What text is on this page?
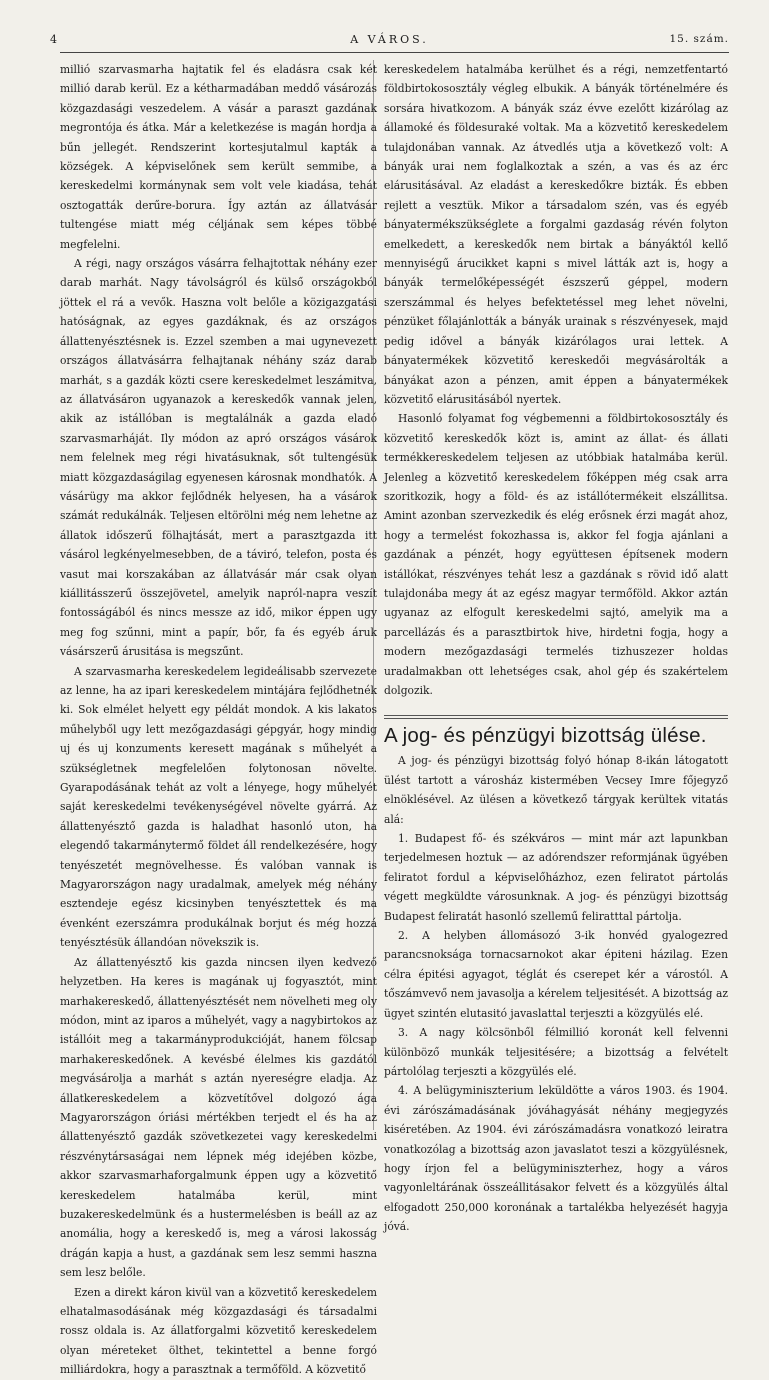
4	A VÁROS.	15. szám.

millió szarvasmarha hajtatik fel és eladásra csak két millió darab kerül. Ez a kétharmadában meddő vásározás közgazdasági veszedelem. A vásár a paraszt gazdának megrontója és átka. Már a keletkezése is magán hordja a bűn jellegét. Rendszerint kortesjutalmul kapták a községek. A képviselőnek sem került semmibe, a kereskedelmi kormánynak sem volt vele kiadása, tehát osztogatták derűre-borura. Így aztán az állatvásár tultengése miatt még céljának sem képes többé megfelelni.

A régi, nagy országos vásárra felhajtottak néhány ezer darab marhát. Nagy távolságról és külső országokból jöttek el rá a vevők. Haszna volt belőle a közigazgatási hatóságnak, az egyes gazdáknak, és az országos állattenyésztésnek is. Ezzel szemben a mai ugynevezett országos állatvásárra felhajtanak néhány száz darab marhát, s a gazdák közti csere kereskedelmet leszámitva, az állatvásáron ugyanazok a kereskedők vannak jelen, akik az istállóban is megtalálnák a gazda eladó szarvasmarháját. Ily módon az apró országos vásárok nem felelnek meg régi hivatásuknak, sőt tultengésük miatt közgazdaságilag egyenesen károsnak mondhatók. A vásárügy ma akkor fejlődnék helyesen, ha a vásárok számát redukálnák. Teljesen eltörölni még nem lehetne az állatok időszerű fölhajtását, mert a parasztgazda itt vásárol legkényelmesebben, de a táviró, telefon, posta és vasut mai korszakában az állatvásár már csak olyan kiállitásszerű összejövetel, amelyik napról-napra veszít fontosságából és nincs messze az idő, mikor éppen ugy meg fog szűnni, mint a papír, bőr, fa és egyéb áruk vásárszerű árusitása is megszűnt.

A szarvasmarha kereskedelem legideálisabb szervezete az lenne, ha az ipari kereskedelem mintájára fejlődhetnék ki. Sok elmélet helyett egy példát mondok. A kis lakatos műhelyből ugy lett mezőgazdasági gépgyár, hogy mindig uj és uj konzuments keresett magának s műhelyét a szükségletnek megfelelően folytonosan növelte. Gyarapodásának tehát az volt a lényege, hogy műhelyét saját kereskedelmi tevékenységével növelte gyárrá. Az állattenyésztő gazda is haladhat hasonló uton, ha elegendő takarmánytermő földet áll rendelkezésére, hogy tenyészetét megnövelhesse. És valóban vannak is Magyarországon nagy uradalmak, amelyek még néhány esztendeje egész kicsinyben tenyésztettek és ma évenként ezerszámra produkálnak borjut és még hozzá tenyésztésük állandóan növekszik is.

Az állattenyésztő kis gazda nincsen ilyen kedvező helyzetben. Ha keres is magának uj fogyasztót, mint marhakereskedő, állattenyésztését nem növelheti meg oly módon, mint az iparos a műhelyét, vagy a nagybirtokos az istállóit meg a takarmányprodukcióját, hanem fölcsap marhakereskedőnek. A kevésbé élelmes kis gazdától megvásárolja a marhát s aztán nyereségre eladja. Az állatkereskedelem a közvetítővel dolgozó ága Magyarországon óriási mértékben terjedt el és ha az állattenyésztő gazdák szövetkezetei vagy kereskedelmi részvénytársaságai nem lépnek még idejében közbe, akkor szarvasmarhaforgalmunk éppen ugy a közvetitő kereskedelem hatalmába kerül, mint buzakereskedelmünk és a hustermelésben is beáll az az anomália, hogy a kereskedő is, meg a városi lakosság drágán kapja a hust, a gazdának sem lesz semmi haszna sem lesz belőle.

Ezen a direkt káron kivül van a közvetitő kereskedelem elhatalmasodásának még közgazdasági és társadalmi rossz oldala is. Az állatforgalmi közvetitő kereskedelem olyan méreteket ölthet, tekintettel a benne forgó milliárdokra, hogy a parasztnak a termőföld. A közvetitő

kereskedelem hatalmába kerülhet és a régi, nemzetfentartó földbirtokososztály végleg elbukik. A bányák történelmére és sorsára hivatkozom. A bányák száz évve ezelőtt kizárólag az államoké és földesuraké voltak. Ma a közvetitő kereskedelem tulajdonában vannak. Az átvedlés utja a következő volt: A bányák urai nem foglalkoztak a szén, a vas és az érc elárusitásával. Az eladást a kereskedőkre bizták. És ebben rejlett a vesztük. Mikor a társadalom szén, vas és egyéb bányatermékszükséglete a forgalmi gazdaság révén folyton emelkedett, a kereskedők nem birtak a bányáktól kellő mennyiségű árucikket kapni s mivel látták azt is, hogy a bányák termelőképességét észszerű géppel, modern szerszámmal és helyes befektetéssel meg lehet növelni, pénzüket főlajánlották a bányák urainak s részvényesek, majd pedig idővel a bányák kizárólagos urai lettek. A bányatermékek közvetitő kereskedői megvásárolták a bányákat azon a pénzen, amit éppen a bányatermékek közvetitő elárusitásából nyertek.

Hasonló folyamat fog végbemenni a földbirtokososztály és közvetitő kereskedők közt is, amint az állat- és állati termékkereskedelem teljesen az utóbbiak hatalmába kerül. Jelenleg a közvetitő kereskedelem főképpen még csak arra szoritkozik, hogy a föld- és az istállótermékeit elszállitsa. Amint azonban szervezkedik és elég erősnek érzi magát ahoz, hogy a termelést fokozhassa is, akkor fel fogja ajánlani a gazdának a pénzét, hogy együttesen építsenek modern istállókat, részvényes tehát lesz a gazdának s rövid idő alatt tulajdonába megy át az egész magyar termőföld. Akkor aztán ugyanaz az elfogult kereskedelmi sajtó, amelyik ma a parcellázás és a parasztbirtok hive, hirdetni fogja, hogy a modern mezőgazdasági termelés tizhuszezer holdas uradalmakban ott lehetséges csak, ahol gép és szakértelem dolgozik.

A jog- és pénzügyi bizottság ülése.

A jog- és pénzügyi bizottság folyó hónap 8-ikán látogatott ülést tartott a városház kistermében Vecsey Imre főjegyző elnöklésével. Az ülésen a következő tárgyak kerültek vitatás alá:

1. Budapest fő- és székváros — mint már azt lapunkban terjedelmesen hoztuk — az adórendszer reformjának ügyében feliratot fordul a képviselőházhoz, ezen feliratot pártolás végett megküldte városunknak. A jog- és pénzügyi bizottság Budapest feliratát hasonló szellemű feliratttal pártolja.

2. A helyben állomásozó 3-ik honvéd gyalogezred parancsnoksága tornacsarnokot akar épiteni házilag. Ezen célra épitési agyagot, téglát és cserepet kér a várostól. A tőszámvevő nem javasolja a kérelem teljesitését. A bizottság az ügyet szintén elutasitó javaslattal terjeszti a közgyülés elé.

3. A nagy kölcsönből félmillió koronát kell felvenni különböző munkák teljesitésére; a bizottság a felvételt pártolólag terjeszti a közgyülés elé.

4. A belügyminiszterium leküldötte a város 1903. és 1904. évi zárószámadásának jóváhagyását néhány megjegyzés kiséretében. Az 1904. évi zárószámadásra vonatkozó leiratra vonatkozólag a bizottság azon javaslatot teszi a közgyülésnek, hogy írjon fel a belügyminiszterhez, hogy a város vagyonleltárának összeállitásakor felvett és a közgyülés által elfogadott 250,000 koronának a tartalékba helyezését hagyja jóvá.
